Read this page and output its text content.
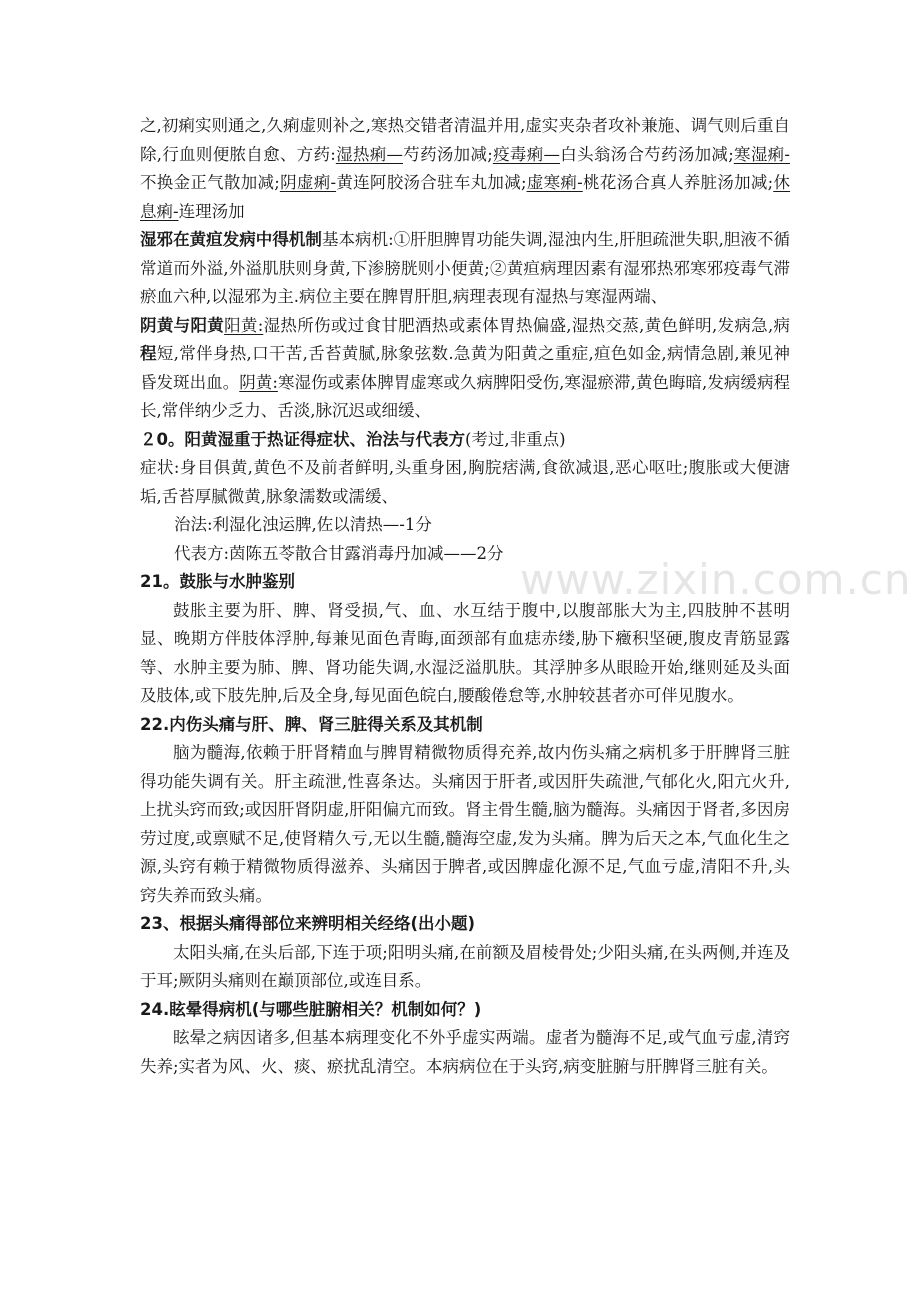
www.zixin.com.cn

之,初痢实则通之,久痢虚则补之,寒热交错者清温并用,虚实夹杂者攻补兼施、调气则后重自除,行血则便脓自愈、方药:湿热痢—芍药汤加减;疫毒痢—白头翁汤合芍药汤加减;寒湿痢-不换金正气散加减;阴虚痢-黄连阿胶汤合驻车丸加减;虚寒痢-桃花汤合真人养脏汤加减;休息痢-连理汤加

湿邪在黄疸发病中得机制基本病机:①肝胆脾胃功能失调,湿浊内生,肝胆疏泄失职,胆液不循常道而外溢,外溢肌肤则身黄,下渗膀胱则小便黄;②黄疸病理因素有湿邪热邪寒邪疫毒气滞瘀血六种,以湿邪为主.病位主要在脾胃肝胆,病理表现有湿热与寒湿两端、

阴黄与阳黄阳黄:湿热所伤或过食甘肥酒热或素体胃热偏盛,湿热交蒸,黄色鲜明,发病急,病程短,常伴身热,口干苦,舌苔黄腻,脉象弦数.急黄为阳黄之重症,疸色如金,病情急剧,兼见神昏发斑出血。阴黄:寒湿伤或素体脾胃虚寒或久病脾阳受伤,寒湿瘀滞,黄色晦暗,发病缓病程长,常伴纳少乏力、舌淡,脉沉迟或细缓、

２0。阳黄湿重于热证得症状、治法与代表方(考过,非重点)

症状:身目俱黄,黄色不及前者鲜明,头重身困,胸脘痞满,食欲减退,恶心呕吐;腹胀或大便溏垢,舌苔厚腻微黄,脉象濡数或濡缓、

治法:利湿化浊运脾,佐以清热—-1分

代表方:茵陈五苓散合甘露消毒丹加减——2分

21。鼓胀与水肿鉴别

鼓胀主要为肝、脾、肾受损,气、血、水互结于腹中,以腹部胀大为主,四肢肿不甚明显、晚期方伴肢体浮肿,每兼见面色青晦,面颈部有血痣赤缕,胁下癥积坚硬,腹皮青筋显露等、水肿主要为肺、脾、肾功能失调,水湿泛溢肌肤。其浮肿多从眼睑开始,继则延及头面及肢体,或下肢先肿,后及全身,每见面色皖白,腰酸倦怠等,水肿较甚者亦可伴见腹水。

22.内伤头痛与肝、脾、肾三脏得关系及其机制

脑为髓海,依赖于肝肾精血与脾胃精微物质得充养,故内伤头痛之病机多于肝脾肾三脏得功能失调有关。肝主疏泄,性喜条达。头痛因于肝者,或因肝失疏泄,气郁化火,阳亢火升,上扰头窍而致;或因肝肾阴虚,肝阳偏亢而致。肾主骨生髓,脑为髓海。头痛因于肾者,多因房劳过度,或禀赋不足,使肾精久亏,无以生髓,髓海空虚,发为头痛。脾为后天之本,气血化生之源,头窍有赖于精微物质得滋养、头痛因于脾者,或因脾虚化源不足,气血亏虚,清阳不升,头窍失养而致头痛。

23、根据头痛得部位来辨明相关经络(出小题)

太阳头痛,在头后部,下连于项;阳明头痛,在前额及眉棱骨处;少阳头痛,在头两侧,并连及于耳;厥阴头痛则在巅顶部位,或连目系。

24.眩晕得病机(与哪些脏腑相关？机制如何？)

眩晕之病因诸多,但基本病理变化不外乎虚实两端。虚者为髓海不足,或气血亏虚,清窍失养;实者为风、火、痰、瘀扰乱清空。本病病位在于头窍,病变脏腑与肝脾肾三脏有关。
